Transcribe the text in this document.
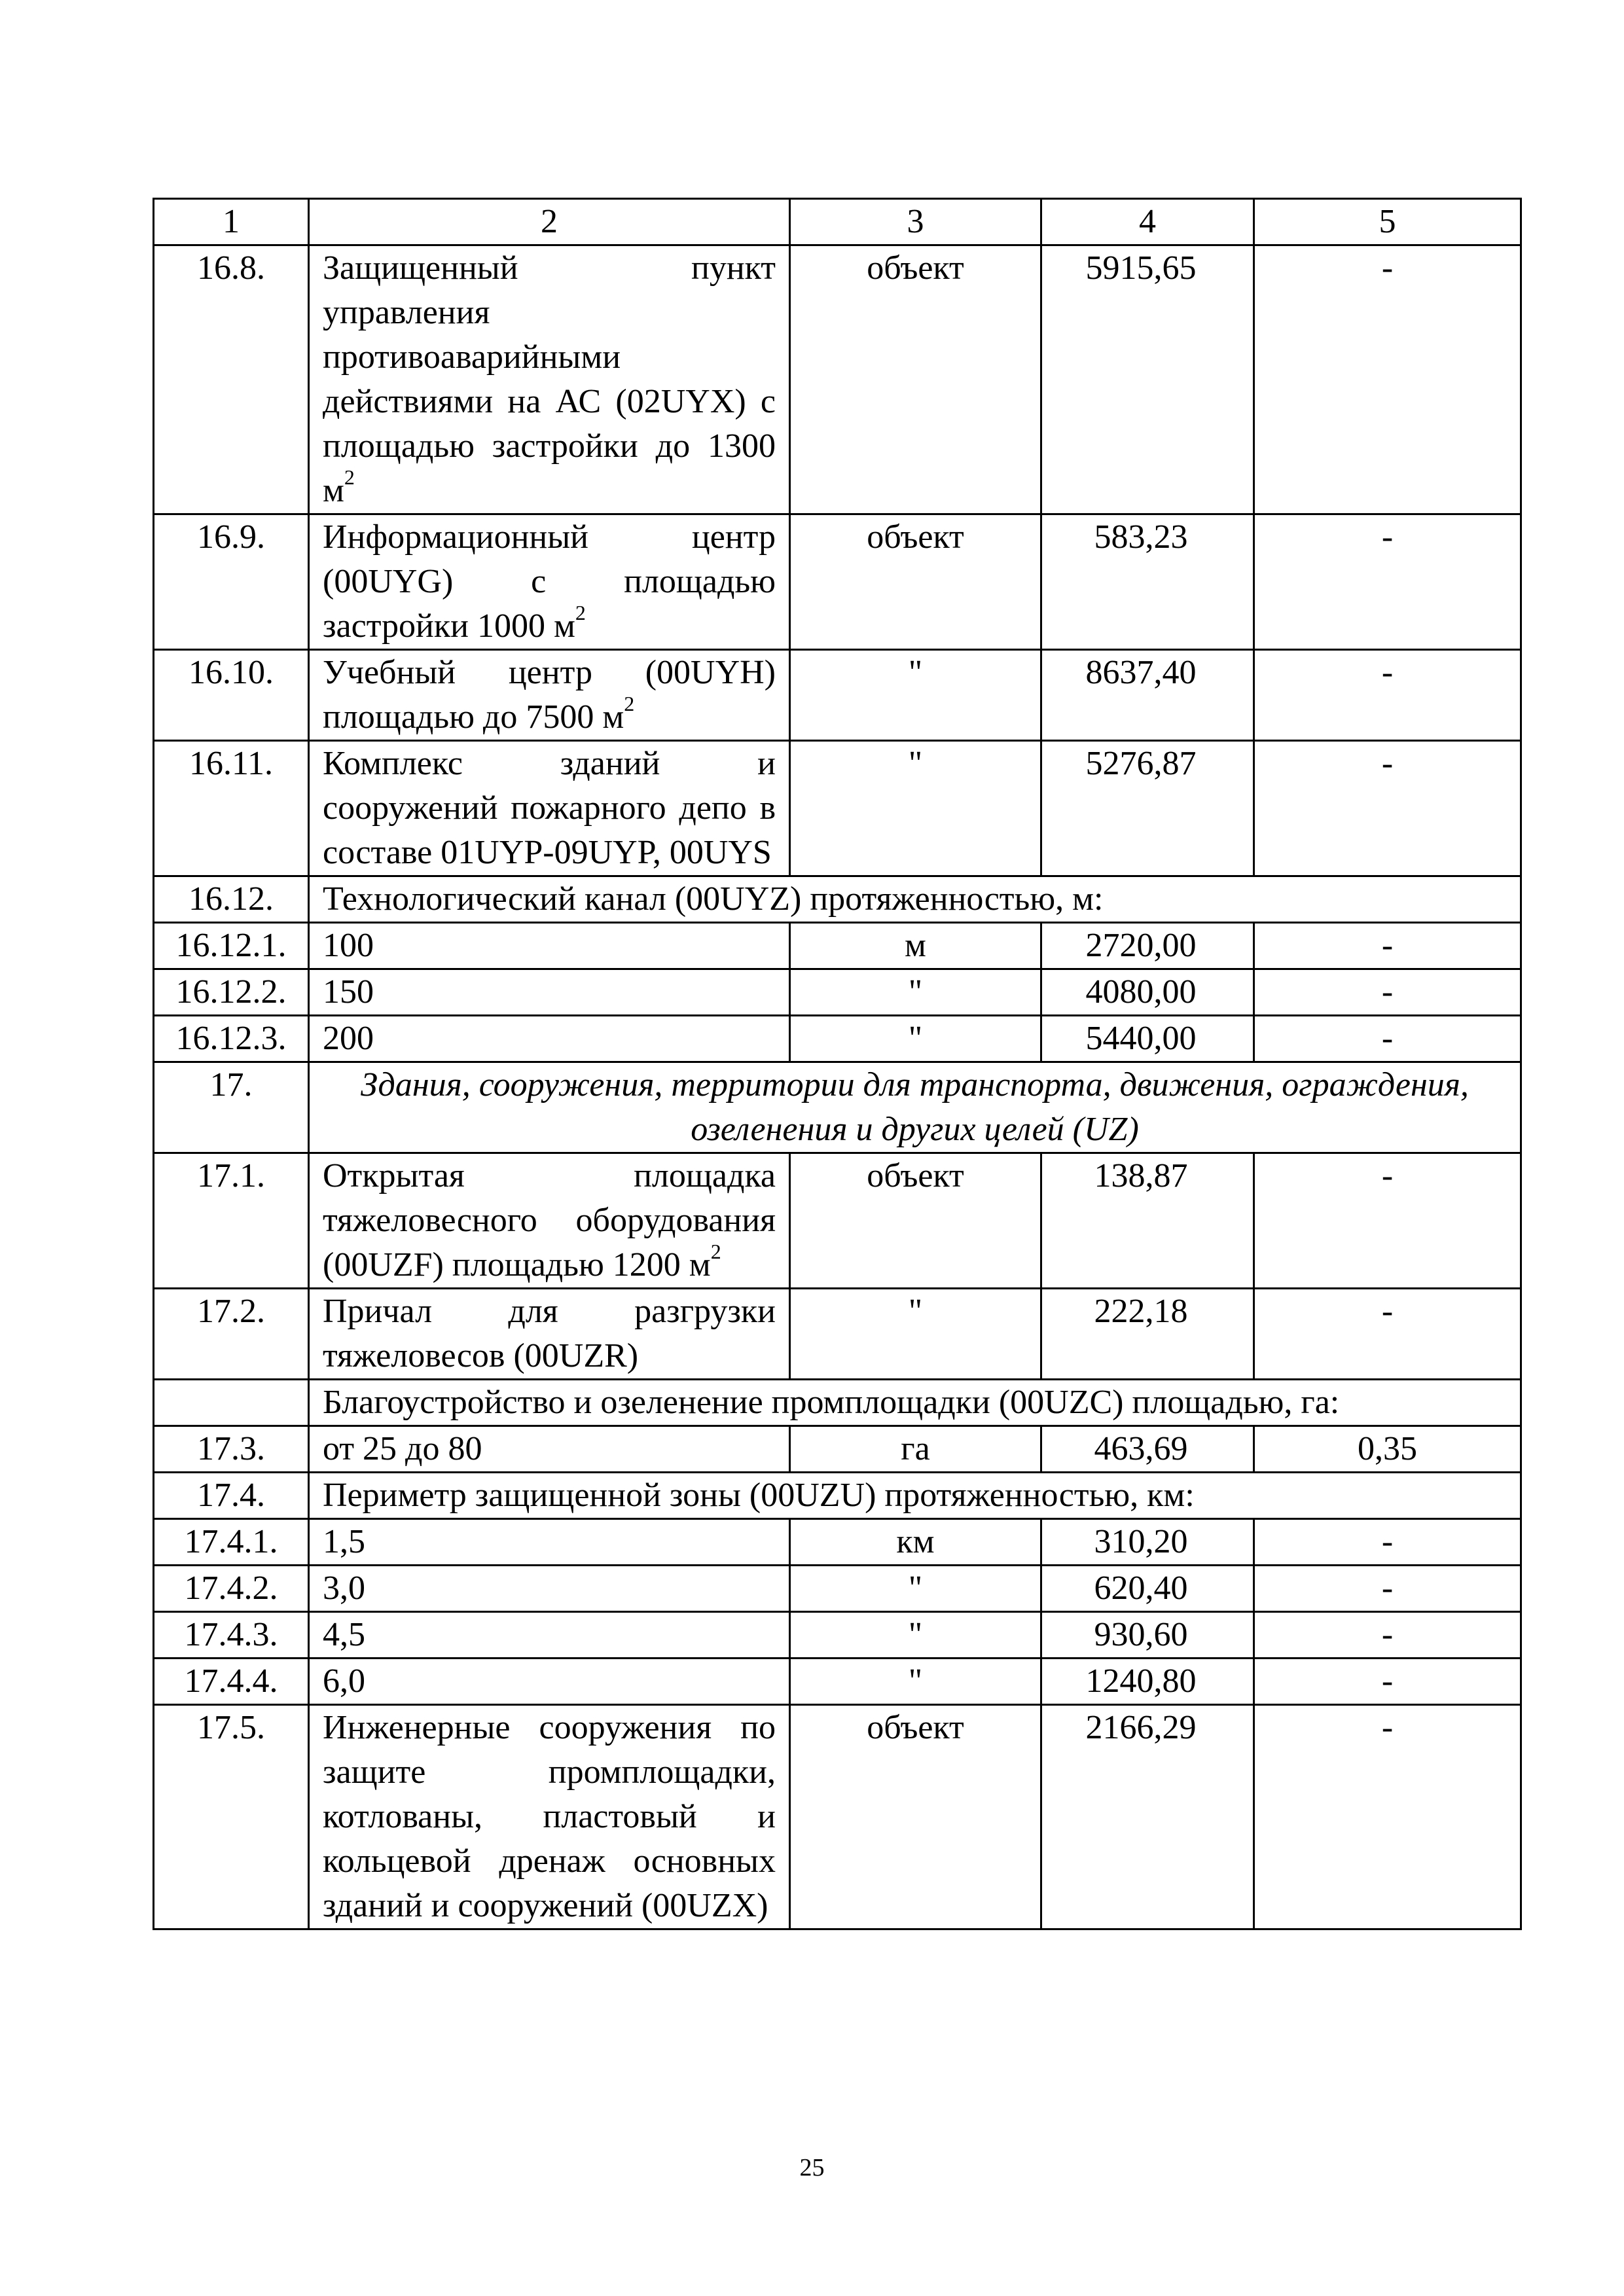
1	2	3	4	5
16.8.	Защищенный пункт управления противоаварийными действиями на АС (02UYX) с площадью застройки до 1300 $м^2$	объект	5915,65	-
16.9.	Информационный центр (00UYG) с площадью застройки 1000 $м^2$	объект	583,23	-
16.10.	Учебный центр (00UYH) площадью до 7500 $м^2$	"	8637,40	-
16.11.	Комплекс зданий и сооружений пожарного депо в составе 01UYP-09UYP, 00UYS	"	5276,87	-
16.12.	Технологический канал (00UYZ) протяженностью, м:			
16.12.1.	100	м	2720,00	-
16.12.2.	150	"	4080,00	-
16.12.3.	200	"	5440,00	-
17.	Здания, сооружения, территории для транспорта, движения, ограждения, озеленения и других целей (UZ)			
17.1.	Открытая площадка тяжеловесного оборудования (00UZF) площадью 1200 $м^2$	объект	138,87	-
17.2.	Причал для разгрузки тяжеловесов (00UZR)	"	222,18	-
	Благоустройство и озеленение промплощадки (00UZC) площадью, га:			
17.3.	от 25 до 80	га	463,69	0,35
17.4.	Периметр защищенной зоны (00UZU) протяженностью, км:			
17.4.1.	1,5	км	310,20	-
17.4.2.	3,0	"	620,40	-
17.4.3.	4,5	"	930,60	-
17.4.4.	6,0	"	1240,80	-
17.5.	Инженерные сооружения по защите промплощадки, котлованы, пластовый и кольцевой дренаж основных зданий и сооружений (00UZX)	объект	2166,29	-
25
